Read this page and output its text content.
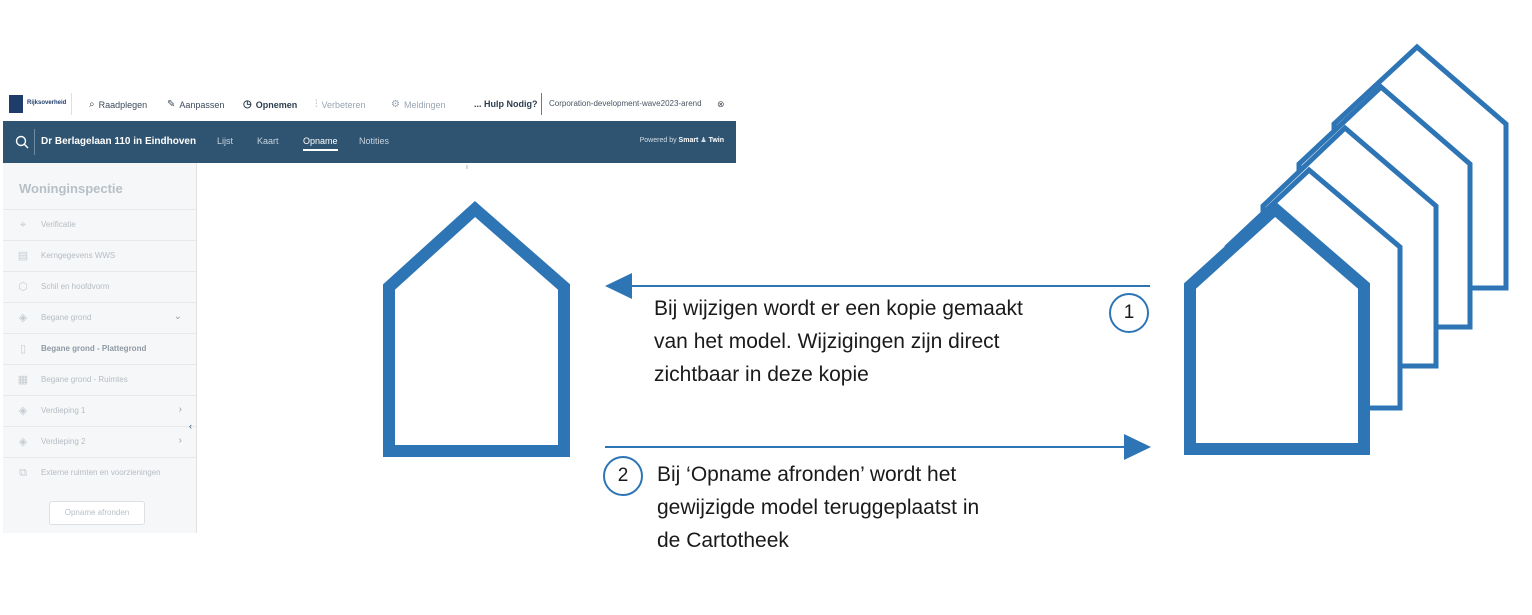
Rijksoverheid ⌕ Raadplegen ✎ Aanpassen ◷ Opnemen ⫶ Verbeteren	⚙ Meldingen	... Hulp Nodig?	Corporation-development-wave2023-arend ⊗
Dr Berlagelaan 110 in Eindhoven Lijst	Kaart	Opname Notities	Powered by Smart ♟ Twin
Woninginspectie
⌖	Verificatie
▤ Kerngegevens WWS
⬡ Schil en hoofdvorm
◈ Begane grond	⌄
▯	Begane grond - Plattegrond
▦ Begane grond - Ruimtes
◈ Verdieping 1	›
◈ Verdieping 2	›
⧉ Externe ruimten en voorzieningen
Opname afronden
‹
1
2
Bij wijzigen wordt er een kopie gemaakt
van het model. Wijzigingen zijn direct
zichtbaar in deze kopie
Bij ‘Opname afronden’ wordt het
gewijzigde model teruggeplaatst in
de Cartotheek
